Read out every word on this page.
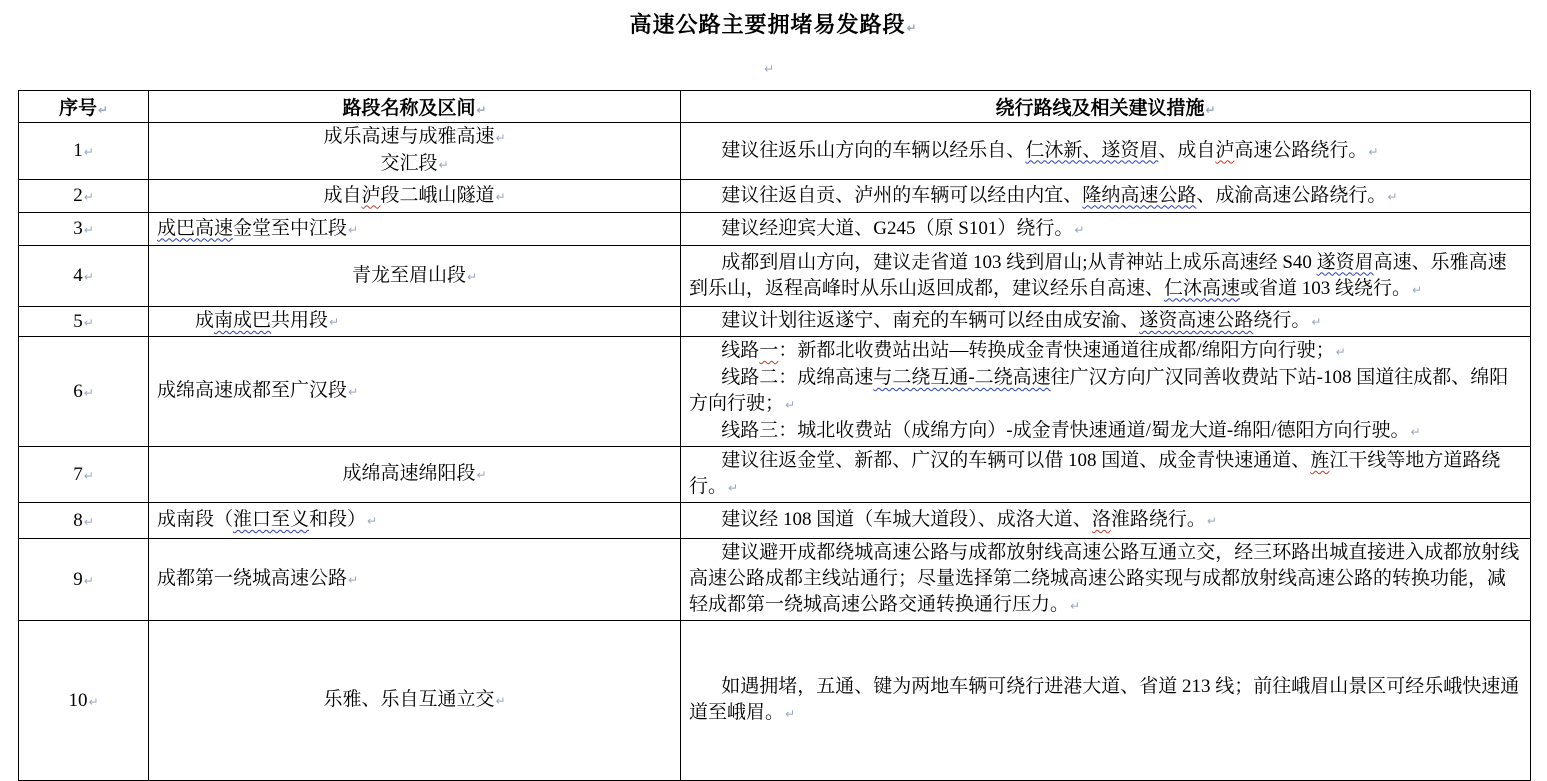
高速公路主要拥堵易发路段↵
↵
序号↵	路段名称及区间↵	绕行路线及相关建议措施↵
1↵	成乐高速与成雅高速↵
交汇段↵	建议往返乐山方向的车辆以经乐自、仁沐新、遂资眉、成自泸高速公路绕行。↵

2↵	成自泸段二峨山隧道↵	建议往返自贡、泸州的车辆可以经由内宜、隆纳高速公路、成渝高速公路绕行。↵

3↵	成巴高速金堂至中江段↵	建议经迎宾大道、G245（原 S101）绕行。↵

4↵	青龙至眉山段↵	成都到眉山方向，建议走省道 103 线到眉山;从青神站上成乐高速经 S40 遂资眉高速、乐雅高速到乐山，返程高峰时从乐山返回成都，建议经乐自高速、仁沐高速或省道 103 线绕行。↵

5↵	　　成南成巴共用段↵	建议计划往返遂宁、南充的车辆可以经由成安渝、遂资高速公路绕行。↵

6↵	成绵高速成都至广汉段↵	线路一：新都北收费站出站—转换成金青快速通道往成都/绵阳方向行驶；↵
线路二：成绵高速与二绕互通-二绕高速往广汉方向广汉同善收费站下站-108 国道往成都、绵阳方向行驶；↵
线路三：城北收费站（成绵方向）-成金青快速通道/蜀龙大道-绵阳/德阳方向行驶。↵

7↵	成绵高速绵阳段↵	建议往返金堂、新都、广汉的车辆可以借 108 国道、成金青快速通道、旌江干线等地方道路绕行。↵

8↵	成南段（淮口至义和段）↵	建议经 108 国道（车城大道段）、成洛大道、洛淮路绕行。↵

9↵	成都第一绕城高速公路↵	建议避开成都绕城高速公路与成都放射线高速公路互通立交，经三环路出城直接进入成都放射线高速公路成都主线站通行；尽量选择第二绕城高速公路实现与成都放射线高速公路的转换功能，减轻成都第一绕城高速公路交通转换通行压力。↵

10↵	乐雅、乐自互通立交↵	如遇拥堵，五通、键为两地车辆可绕行进港大道、省道 213 线；前往峨眉山景区可经乐峨快速通道至峨眉。↵
